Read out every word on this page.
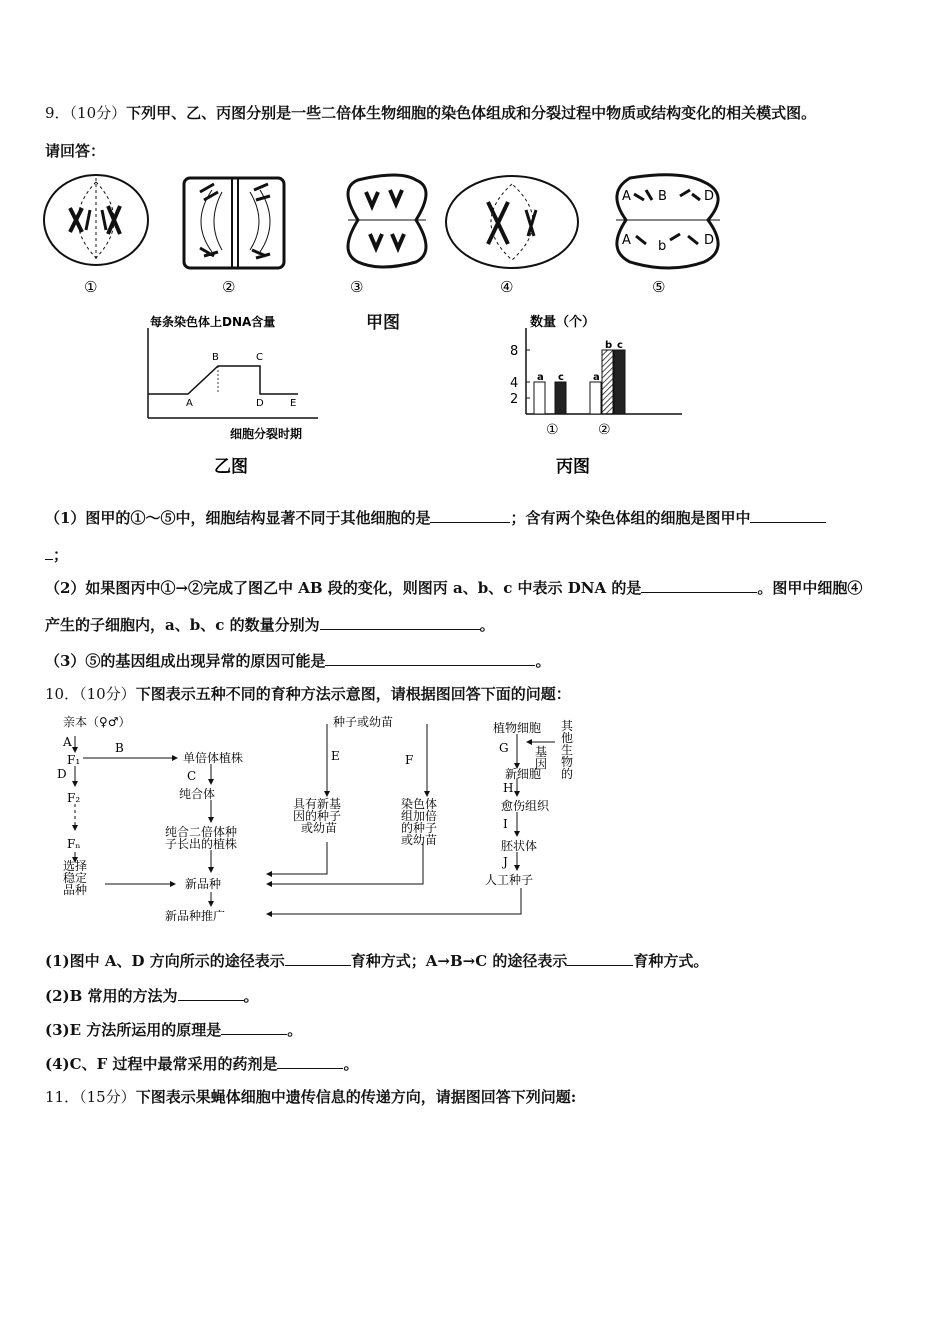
9．（10分）下列甲、乙、丙图分别是一些二倍体生物细胞的染色体组成和分裂过程中物质或结构变化的相关模式图。
请回答：
A B	D
A b	D
①	②	③	④	⑤
每条染色体上DNA含量
A
B	C
D	E
细胞分裂时期
乙图
甲图	数量（个）
2
4
8
a c	a
b c
①	②
丙图
（1）图甲的①～⑤中，细胞结构显著不同于其他细胞的是	；含有两个染色体组的细胞是图甲中
；
（2）如果图丙中①→②完成了图乙中 AB 段的变化，则图丙 a、b、c 中表示 DNA 的是	。图甲中细胞④
产生的子细胞内，a、b、c 的数量分别为	。
（3）⑤的基因组成出现异常的原因可能是	。
10．（10分）下图表示五种不同的育种方法示意图，请根据图回答下面的问题：
亲本（♀♂）
A
F₁
B
D
F₂
Fₙ
选择
稳定
品种
单倍体植株
C
纯合体
纯合二倍体种
子长出的植株
新品种
新品种推广
种子或幼苗
E	F
具有新基
因的种子
或幼苗
染色体
组加倍
的种子
或幼苗
植物细胞
G
其
他
生
物
的
基
因
新细胞
H
愈伤组织
I
胚状体
J
人工种子
(1)图中 A、D 方向所示的途径表示	育种方式；A→B→C 的途径表示	育种方式。
(2)B 常用的方法为	。
(3)E 方法所运用的原理是	。
(4)C、F 过程中最常采用的药剂是	。
11．（15分）下图表示果蝇体细胞中遗传信息的传递方向，请据图回答下列问题:
